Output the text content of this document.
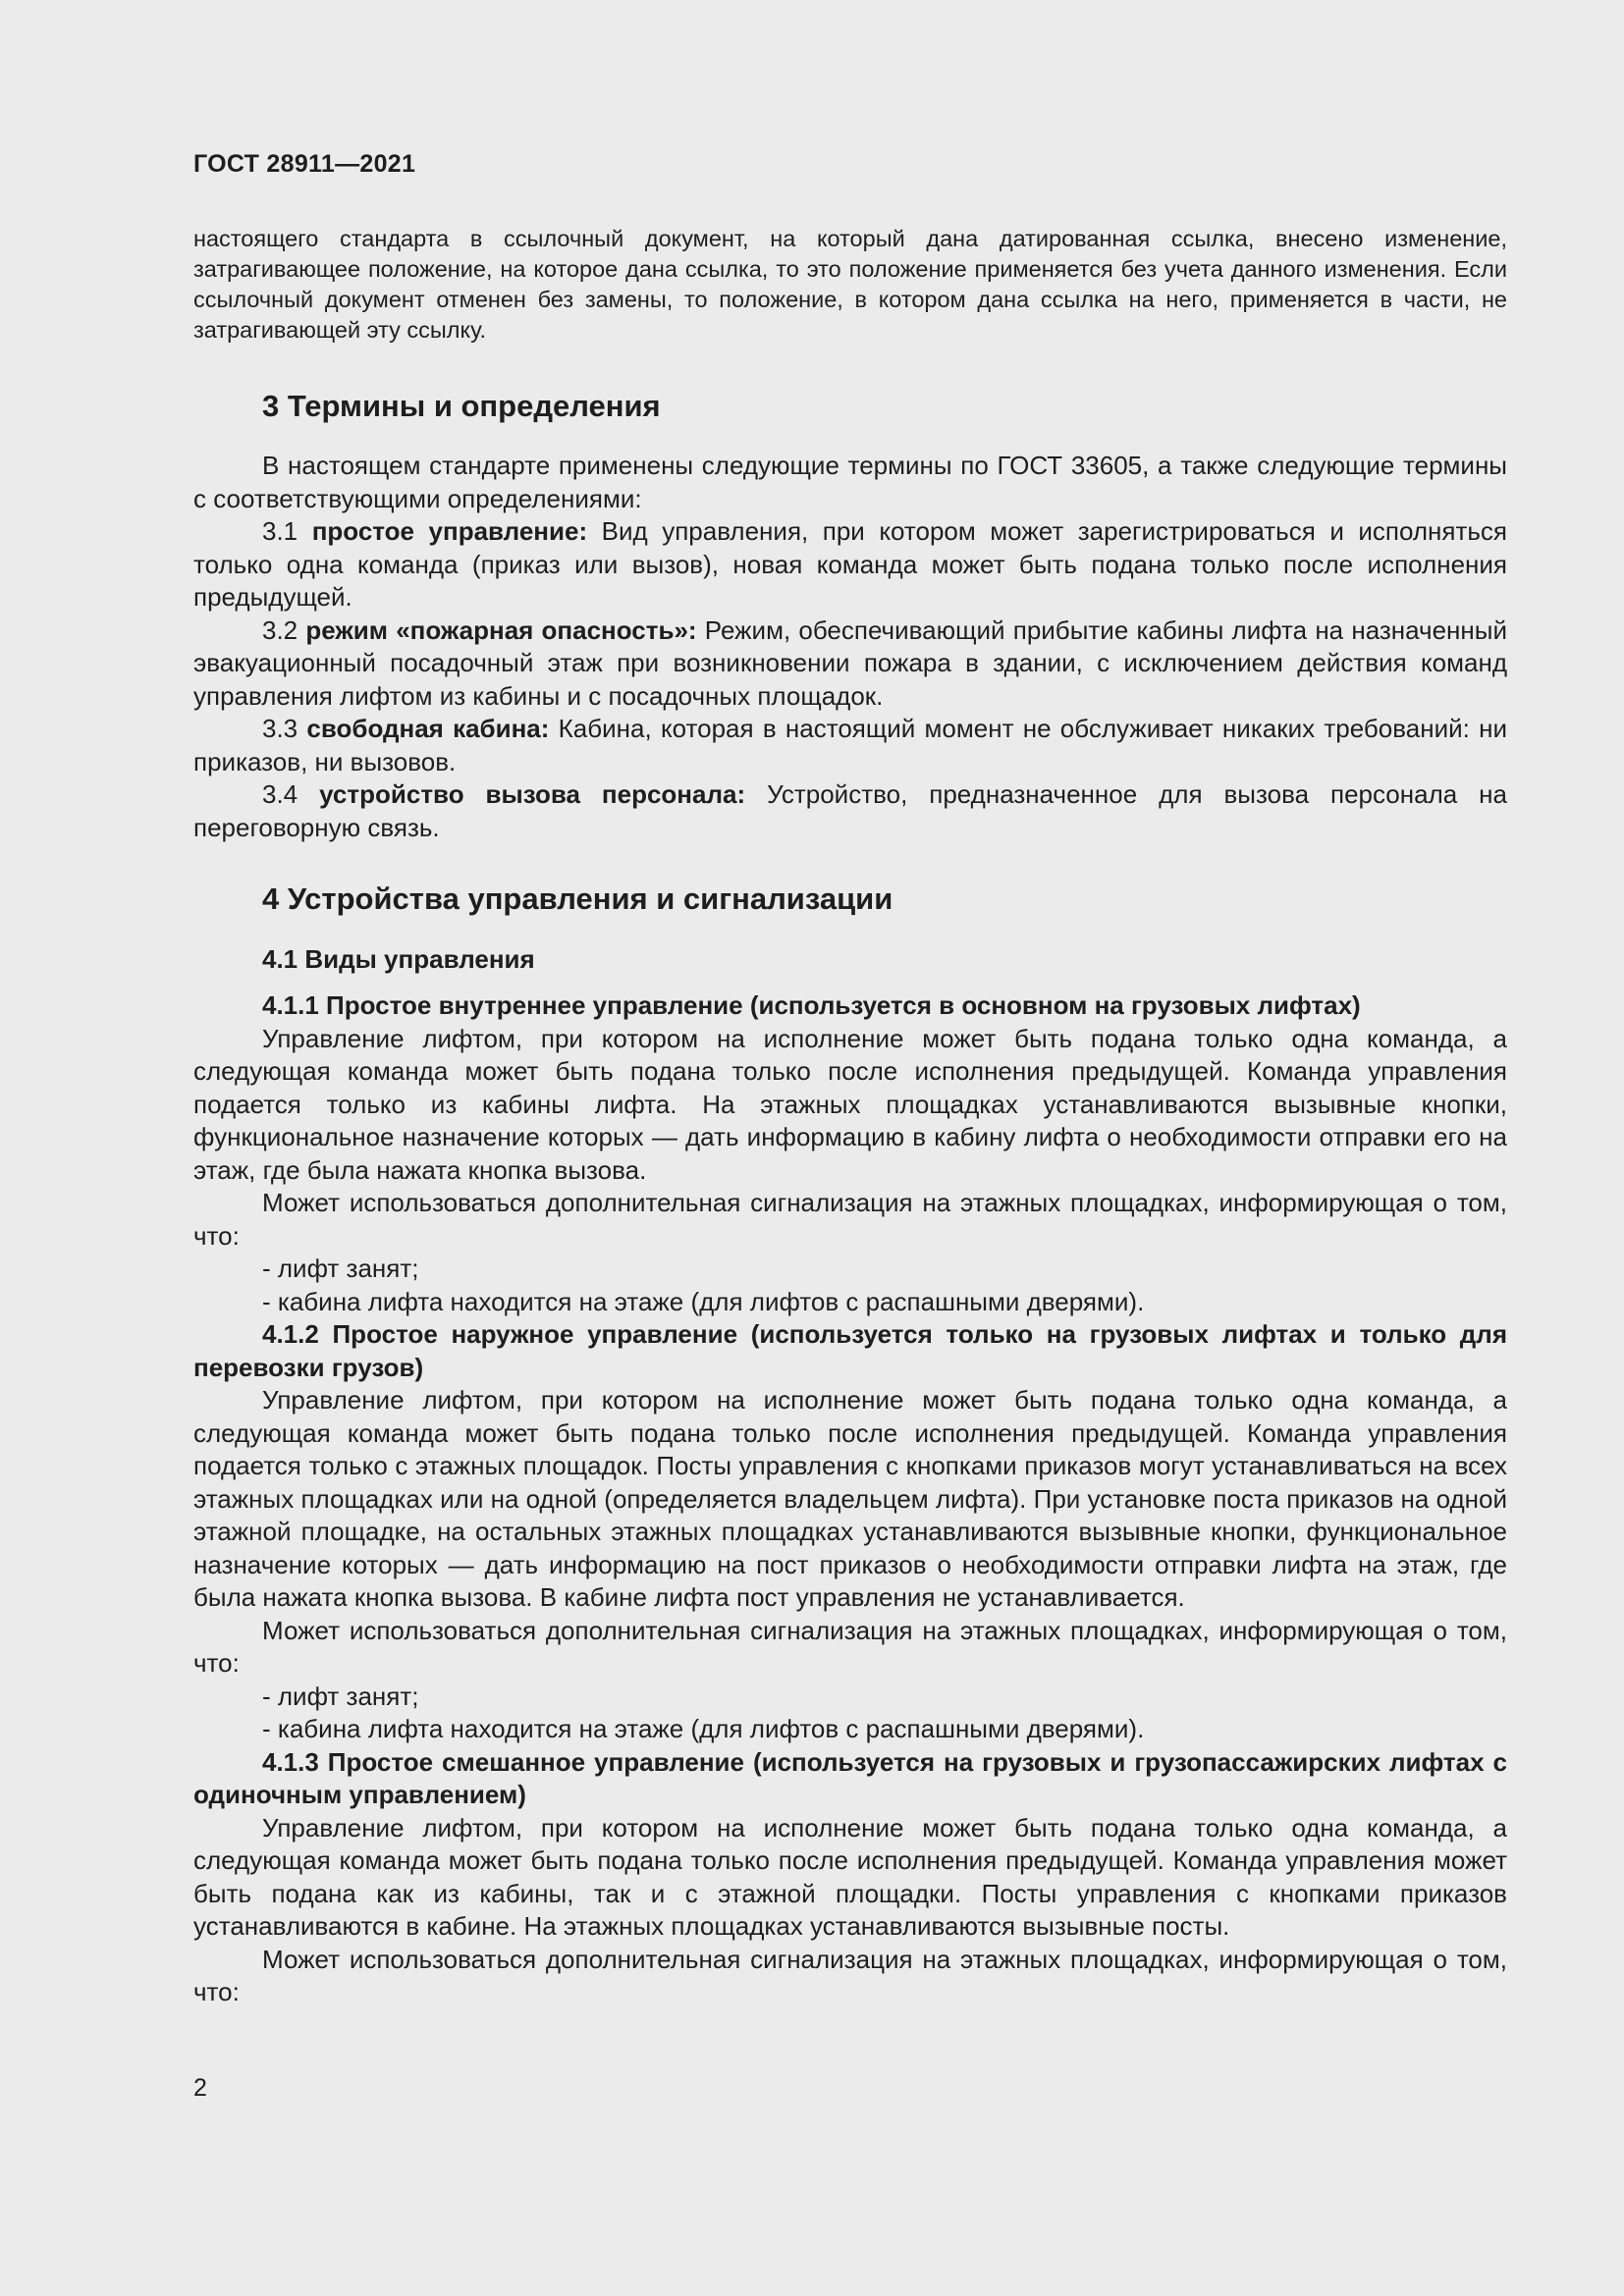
ГОСТ 28911—2021
настоящего стандарта в ссылочный документ, на который дана датированная ссылка, внесено изменение, затрагивающее положение, на которое дана ссылка, то это положение применяется без учета данного изменения. Если ссылочный документ отменен без замены, то положение, в котором дана ссылка на него, применяется в части, не затрагивающей эту ссылку.
3 Термины и определения

В настоящем стандарте применены следующие термины по ГОСТ 33605, а также следующие термины с соответствующими определениями:

3.1 простое управление: Вид управления, при котором может зарегистрироваться и исполняться только одна команда (приказ или вызов), новая команда может быть подана только после исполнения предыдущей.

3.2 режим «пожарная опасность»: Режим, обеспечивающий прибытие кабины лифта на назначенный эвакуационный посадочный этаж при возникновении пожара в здании, с исключением действия команд управления лифтом из кабины и с посадочных площадок.

3.3 свободная кабина: Кабина, которая в настоящий момент не обслуживает никаких требований: ни приказов, ни вызовов.

3.4 устройство вызова персонала: Устройство, предназначенное для вызова персонала на переговорную связь.

4 Устройства управления и сигнализации
4.1 Виды управления

4.1.1 Простое внутреннее управление (используется в основном на грузовых лифтах)

Управление лифтом, при котором на исполнение может быть подана только одна команда, а следующая команда может быть подана только после исполнения предыдущей. Команда управления подается только из кабины лифта. На этажных площадках устанавливаются вызывные кнопки, функциональное назначение которых — дать информацию в кабину лифта о необходимости отправки его на этаж, где была нажата кнопка вызова.

Может использоваться дополнительная сигнализация на этажных площадках, информирующая о том, что:

- лифт занят;

- кабина лифта находится на этаже (для лифтов с распашными дверями).

4.1.2 Простое наружное управление (используется только на грузовых лифтах и только для перевозки грузов)

Управление лифтом, при котором на исполнение может быть подана только одна команда, а следующая команда может быть подана только после исполнения предыдущей. Команда управления подается только с этажных площадок. Посты управления с кнопками приказов могут устанавливаться на всех этажных площадках или на одной (определяется владельцем лифта). При установке поста приказов на одной этажной площадке, на остальных этажных площадках устанавливаются вызывные кнопки, функциональное назначение которых — дать информацию на пост приказов о необходимости отправки лифта на этаж, где была нажата кнопка вызова. В кабине лифта пост управления не устанавливается.

Может использоваться дополнительная сигнализация на этажных площадках, информирующая о том, что:

- лифт занят;

- кабина лифта находится на этаже (для лифтов с распашными дверями).

4.1.3 Простое смешанное управление (используется на грузовых и грузопассажирских лифтах с одиночным управлением)

Управление лифтом, при котором на исполнение может быть подана только одна команда, а следующая команда может быть подана только после исполнения предыдущей. Команда управления может быть подана как из кабины, так и с этажной площадки. Посты управления с кнопками приказов устанавливаются в кабине. На этажных площадках устанавливаются вызывные посты.

Может использоваться дополнительная сигнализация на этажных площадках, информирующая о том, что:

2
